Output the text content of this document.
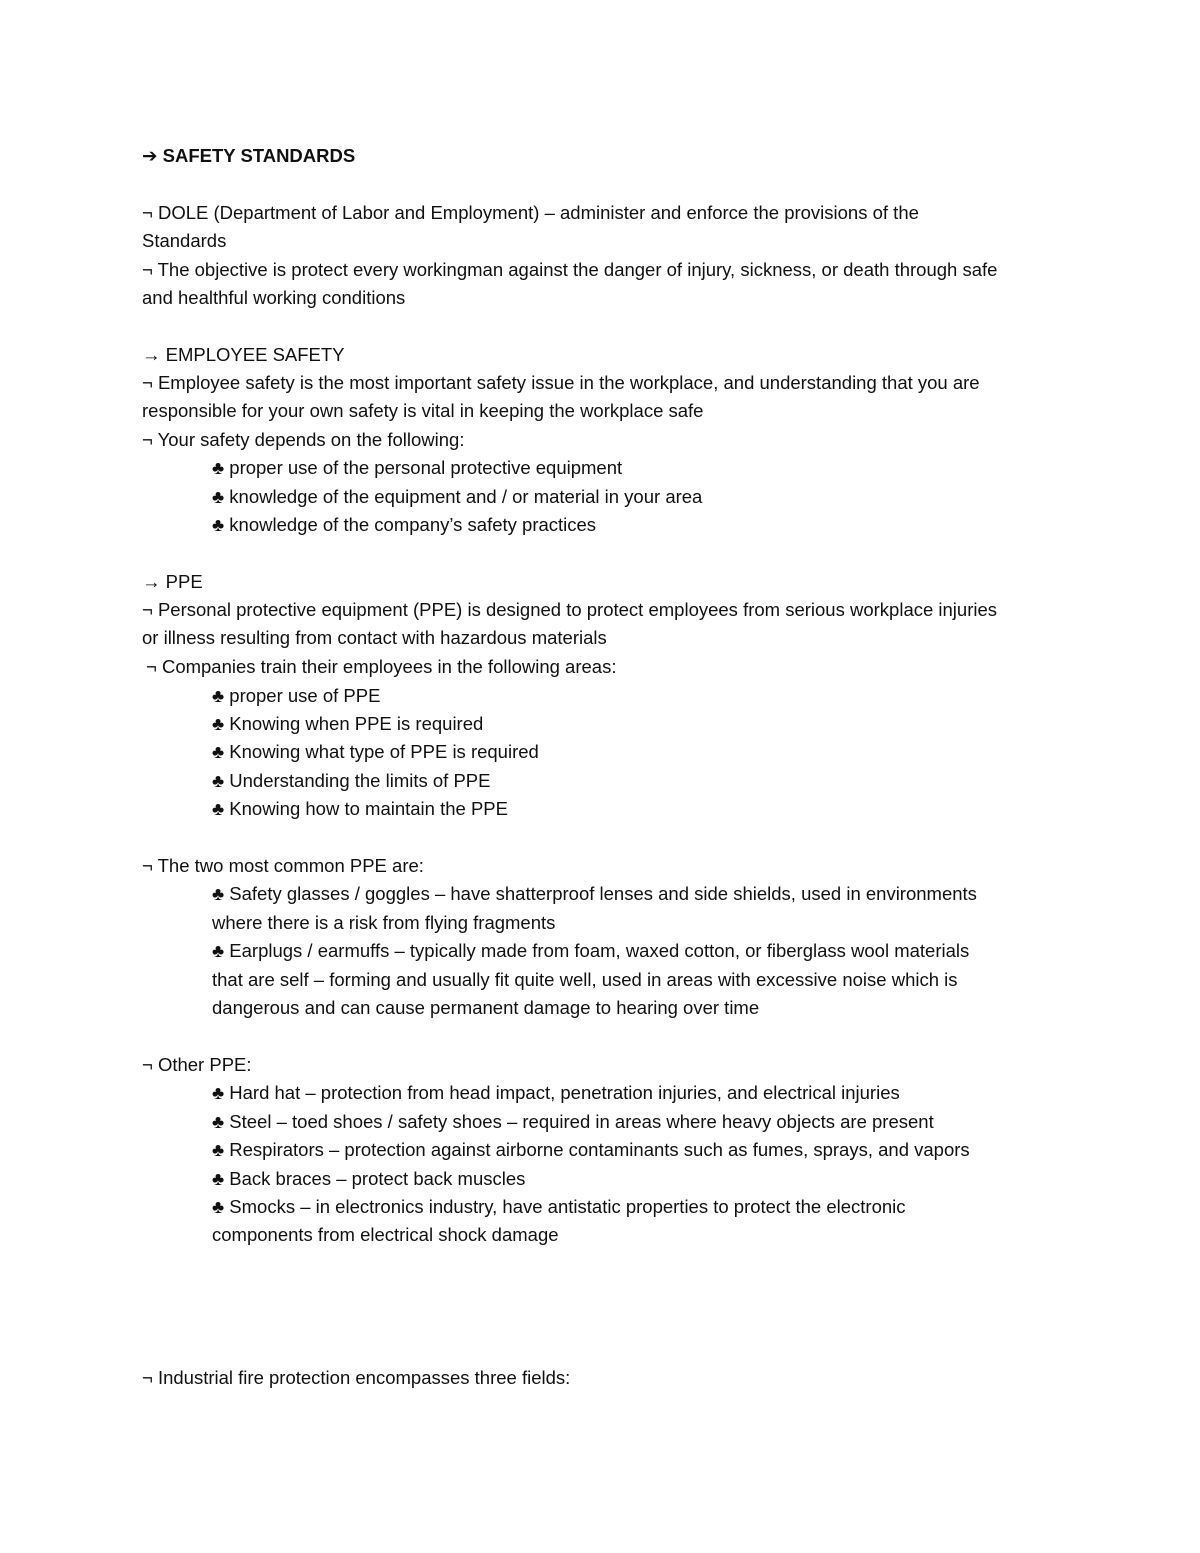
➔ SAFETY STANDARDS
¬ DOLE (Department of Labor and Employment) – administer and enforce the provisions of the
Standards
¬ The objective is protect every workingman against the danger of injury, sickness, or death through safe
and healthful working conditions
→ EMPLOYEE SAFETY
¬ Employee safety is the most important safety issue in the workplace, and understanding that you are
responsible for your own safety is vital in keeping the workplace safe
¬ Your safety depends on the following:
♣ proper use of the personal protective equipment
♣ knowledge of the equipment and / or material in your area
♣ knowledge of the company’s safety practices
→ PPE
¬ Personal protective equipment (PPE) is designed to protect employees from serious workplace injuries
or illness resulting from contact with hazardous materials
¬ Companies train their employees in the following areas:
♣ proper use of PPE
♣ Knowing when PPE is required
♣ Knowing what type of PPE is required
♣ Understanding the limits of PPE
♣ Knowing how to maintain the PPE
¬ The two most common PPE are:
♣ Safety glasses / goggles – have shatterproof lenses and side shields, used in environments
where there is a risk from flying fragments
♣ Earplugs / earmuffs – typically made from foam, waxed cotton, or fiberglass wool materials
that are self – forming and usually fit quite well, used in areas with excessive noise which is
dangerous and can cause permanent damage to hearing over time
¬ Other PPE:
♣ Hard hat – protection from head impact, penetration injuries, and electrical injuries
♣ Steel – toed shoes / safety shoes – required in areas where heavy objects are present
♣ Respirators – protection against airborne contaminants such as fumes, sprays, and vapors
♣ Back braces – protect back muscles
♣ Smocks – in electronics industry, have antistatic properties to protect the electronic
components from electrical shock damage
¬ Industrial fire protection encompasses three fields:
